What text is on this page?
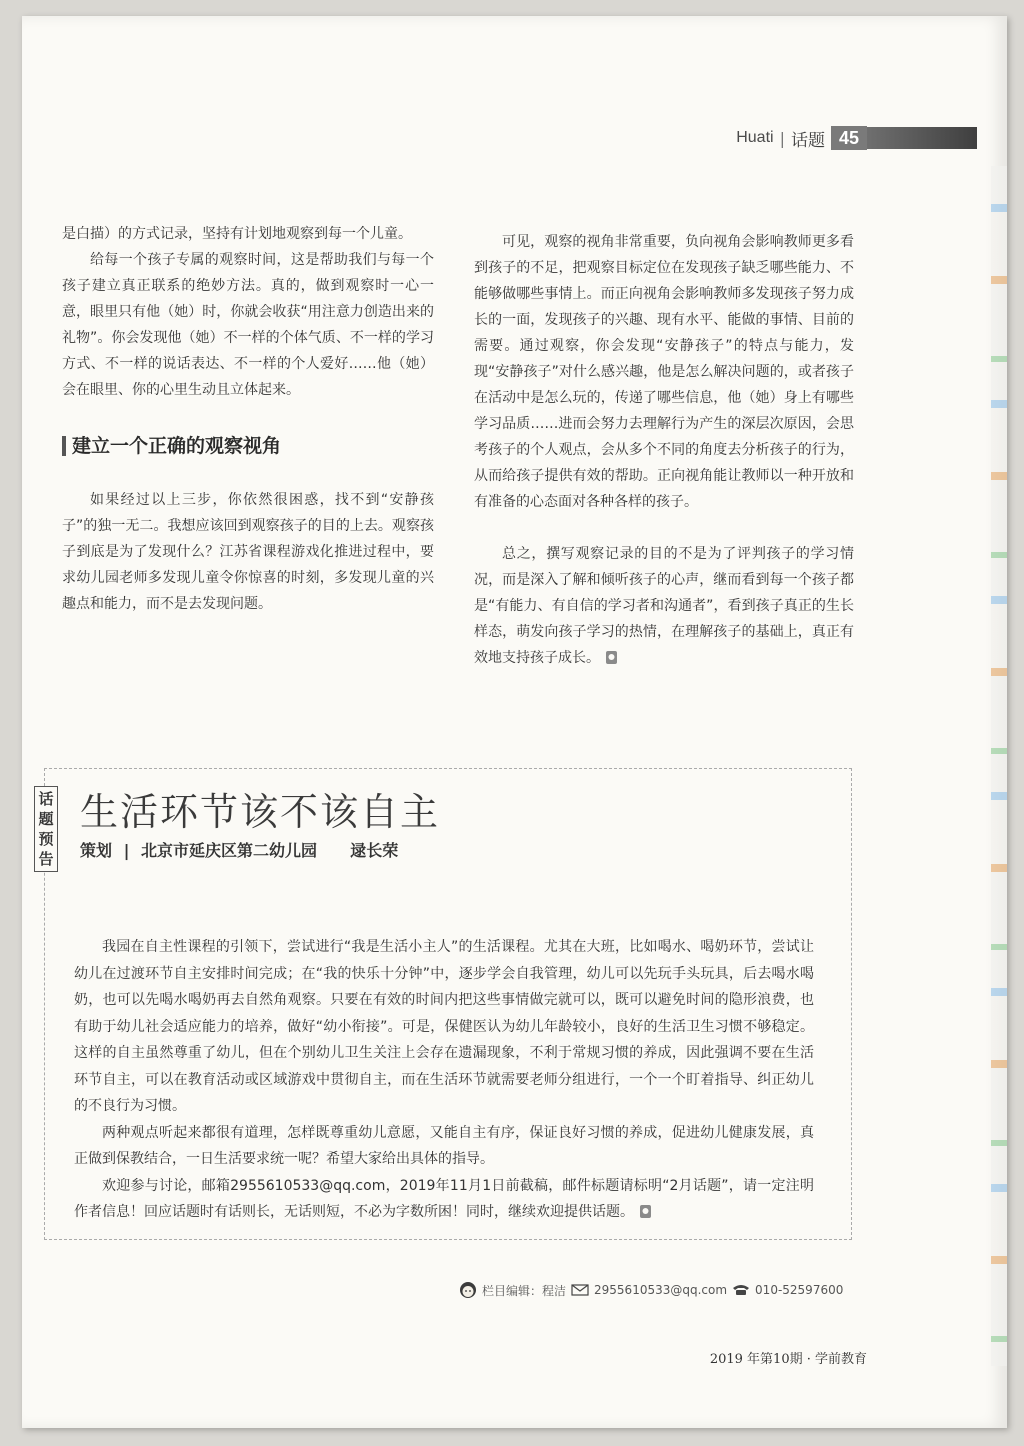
Huati | 话题 45

是白描）的方式记录，坚持有计划地观察到每一个儿童。

给每一个孩子专属的观察时间，这是帮助我们与每一个孩子建立真正联系的绝妙方法。真的，做到观察时一心一意，眼里只有他（她）时，你就会收获“用注意力创造出来的礼物”。你会发现他（她）不一样的个体气质、不一样的学习方式、不一样的说话表达、不一样的个人爱好……他（她）会在眼里、你的心里生动且立体起来。

建立一个正确的观察视角

如果经过以上三步，你依然很困惑，找不到“安静孩子”的独一无二。我想应该回到观察孩子的目的上去。观察孩子到底是为了发现什么？江苏省课程游戏化推进过程中，要求幼儿园老师多发现儿童令你惊喜的时刻，多发现儿童的兴趣点和能力，而不是去发现问题。

可见，观察的视角非常重要，负向视角会影响教师更多看到孩子的不足，把观察目标定位在发现孩子缺乏哪些能力、不能够做哪些事情上。而正向视角会影响教师多发现孩子努力成长的一面，发现孩子的兴趣、现有水平、能做的事情、目前的需要。通过观察，你会发现“安静孩子”的特点与能力，发现“安静孩子”对什么感兴趣，他是怎么解决问题的，或者孩子在活动中是怎么玩的，传递了哪些信息，他（她）身上有哪些学习品质……进而会努力去理解行为产生的深层次原因，会思考孩子的个人观点，会从多个不同的角度去分析孩子的行为，从而给孩子提供有效的帮助。正向视角能让教师以一种开放和有准备的心态面对各种各样的孩子。

总之，撰写观察记录的目的不是为了评判孩子的学习情况，而是深入了解和倾听孩子的心声，继而看到每一个孩子都是“有能力、有自信的学习者和沟通者”，看到孩子真正的生长样态，萌发向孩子学习的热情，在理解孩子的基础上，真正有效地支持孩子成长。

话
题
预
告
生活环节该不该自主
策划 | 北京市延庆区第二幼儿园 逯长荣

我园在自主性课程的引领下，尝试进行“我是生活小主人”的生活课程。尤其在大班，比如喝水、喝奶环节，尝试让幼儿在过渡环节自主安排时间完成；在“我的快乐十分钟”中，逐步学会自我管理，幼儿可以先玩手头玩具，后去喝水喝奶，也可以先喝水喝奶再去自然角观察。只要在有效的时间内把这些事情做完就可以，既可以避免时间的隐形浪费，也有助于幼儿社会适应能力的培养，做好“幼小衔接”。可是，保健医认为幼儿年龄较小，良好的生活卫生习惯不够稳定。这样的自主虽然尊重了幼儿，但在个别幼儿卫生关注上会存在遗漏现象，不利于常规习惯的养成，因此强调不要在生活环节自主，可以在教育活动或区域游戏中贯彻自主，而在生活环节就需要老师分组进行，一个一个盯着指导、纠正幼儿的不良行为习惯。

两种观点听起来都很有道理，怎样既尊重幼儿意愿，又能自主有序，保证良好习惯的养成，促进幼儿健康发展，真正做到保教结合，一日生活要求统一呢？希望大家给出具体的指导。

欢迎参与讨论，邮箱2955610533@qq.com，2019年11月1日前截稿，邮件标题请标明“2月话题”，请一定注明作者信息！回应话题时有话则长，无话则短，不必为字数所困！同时，继续欢迎提供话题。

栏目编辑：程洁 2955610533@qq.com 010-52597600
2019 年第10期 · 学前教育
